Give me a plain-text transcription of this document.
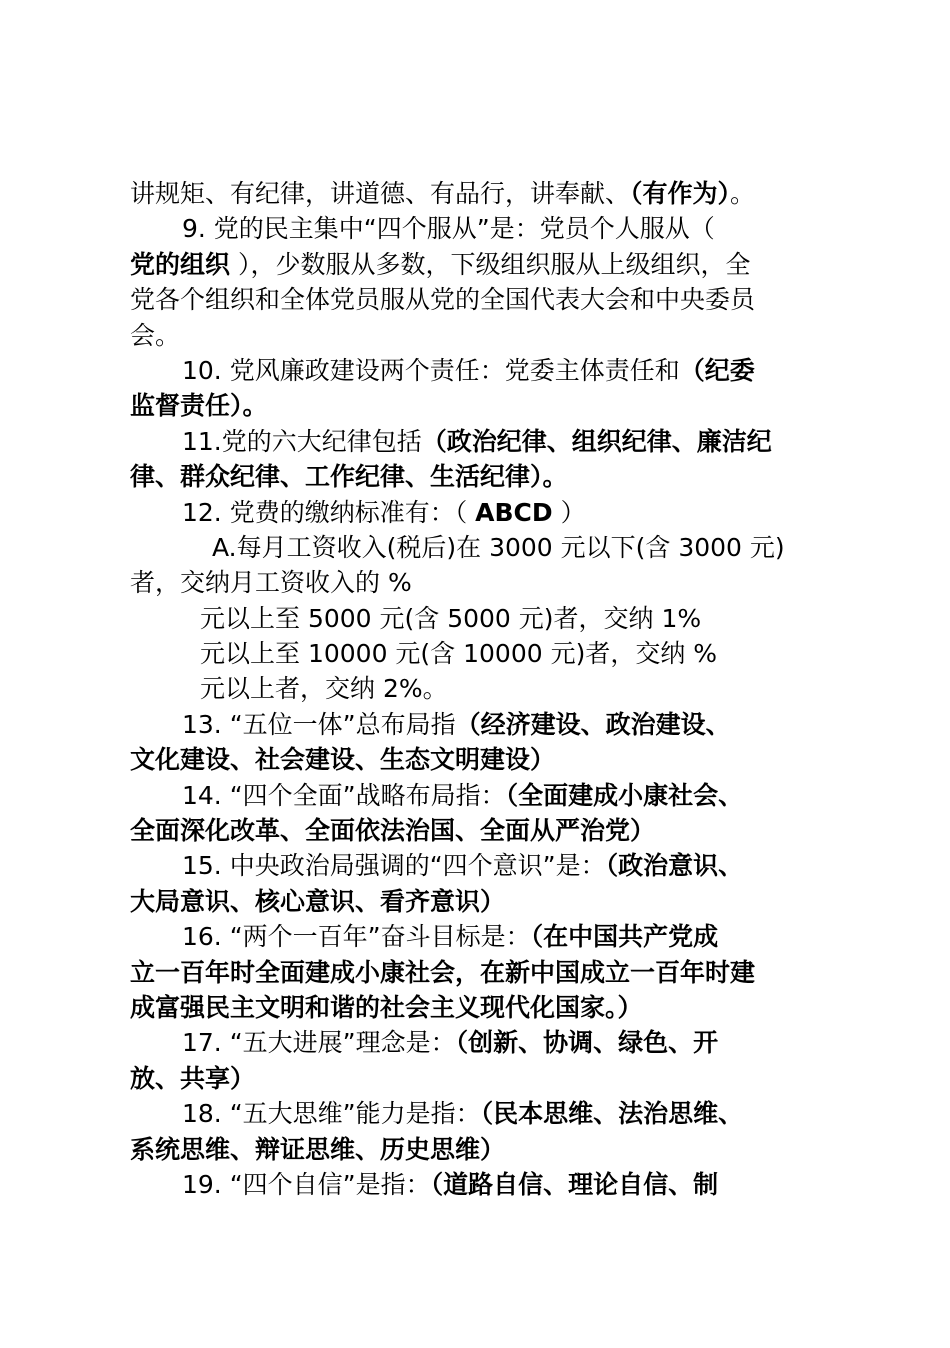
讲规矩、有纪律，讲道德、有品行，讲奉献、（有作为）。
9. 党的民主集中“四个服从”是：党员个人服从（
党的组织 ），少数服从多数，下级组织服从上级组织，全
党各个组织和全体党员服从党的全国代表大会和中央委员
会。
10. 党风廉政建设两个责任：党委主体责任和（纪委
监督责任）。
11.党的六大纪律包括（政治纪律、组织纪律、廉洁纪
律、群众纪律、工作纪律、生活纪律）。
12. 党费的缴纳标准有：（ ABCD ）
A.每月工资收入(税后)在 3000 元以下(含 3000 元)
者，交纳月工资收入的 %
元以上至 5000 元(含 5000 元)者，交纳 1%
元以上至 10000 元(含 10000 元)者，交纳 %
元以上者，交纳 2%。
13. “五位一体”总布局指（经济建设、政治建设、
文化建设、社会建设、生态文明建设）
14. “四个全面”战略布局指：（全面建成小康社会、
全面深化改革、全面依法治国、全面从严治党）
15. 中央政治局强调的“四个意识”是：（政治意识、
大局意识、核心意识、看齐意识）
16. “两个一百年”奋斗目标是：（在中国共产党成
立一百年时全面建成小康社会，在新中国成立一百年时建
成富强民主文明和谐的社会主义现代化国家。）
17. “五大进展”理念是：（创新、协调、绿色、开
放、共享）
18. “五大思维”能力是指：（民本思维、法治思维、
系统思维、辩证思维、历史思维）
19. “四个自信”是指：（道路自信、理论自信、制
